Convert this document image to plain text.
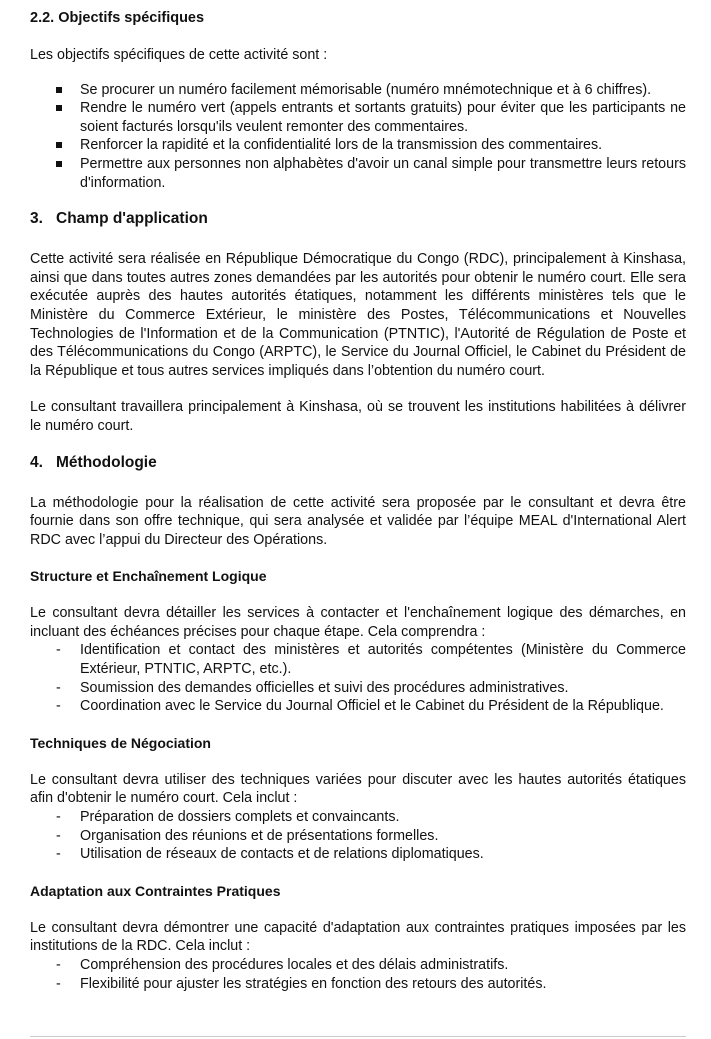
2.2. Objectifs spécifiques

Les objectifs spécifiques de cette activité sont :

Se procurer un numéro facilement mémorisable (numéro mnémotechnique et à 6 chiffres).
Rendre le numéro vert (appels entrants et sortants gratuits) pour éviter que les participants ne soient facturés lorsqu'ils veulent remonter des commentaires.
Renforcer la rapidité et la confidentialité lors de la transmission des commentaires.
Permettre aux personnes non alphabètes d'avoir un canal simple pour transmettre leurs retours d'information.
3. Champ d'application

Cette activité sera réalisée en République Démocratique du Congo (RDC), principalement à Kinshasa, ainsi que dans toutes autres zones demandées par les autorités pour obtenir le numéro court. Elle sera exécutée auprès des hautes autorités étatiques, notamment les différents ministères tels que le Ministère du Commerce Extérieur, le ministère des Postes, Télécommunications et Nouvelles Technologies de l'Information et de la Communication (PTNTIC), l'Autorité de Régulation de Poste et des Télécommunications du Congo (ARPTC), le Service du Journal Officiel, le Cabinet du Président de la République et tous autres services impliqués dans l’obtention du numéro court.

Le consultant travaillera principalement à Kinshasa, où se trouvent les institutions habilitées à délivrer le numéro court.

4. Méthodologie

La méthodologie pour la réalisation de cette activité sera proposée par le consultant et devra être fournie dans son offre technique, qui sera analysée et validée par l’équipe MEAL d'International Alert RDC avec l’appui du Directeur des Opérations.

Structure et Enchaînement Logique

Le consultant devra détailler les services à contacter et l'enchaînement logique des démarches, en incluant des échéances précises pour chaque étape. Cela comprendra :

- Identification et contact des ministères et autorités compétentes (Ministère du Commerce Extérieur, PTNTIC, ARPTC, etc.).
- Soumission des demandes officielles et suivi des procédures administratives.
- Coordination avec le Service du Journal Officiel et le Cabinet du Président de la République.
Techniques de Négociation

Le consultant devra utiliser des techniques variées pour discuter avec les hautes autorités étatiques afin d'obtenir le numéro court. Cela inclut :

- Préparation de dossiers complets et convaincants.
- Organisation des réunions et de présentations formelles.
- Utilisation de réseaux de contacts et de relations diplomatiques.
Adaptation aux Contraintes Pratiques

Le consultant devra démontrer une capacité d'adaptation aux contraintes pratiques imposées par les institutions de la RDC. Cela inclut :

- Compréhension des procédures locales et des délais administratifs.
- Flexibilité pour ajuster les stratégies en fonction des retours des autorités.
